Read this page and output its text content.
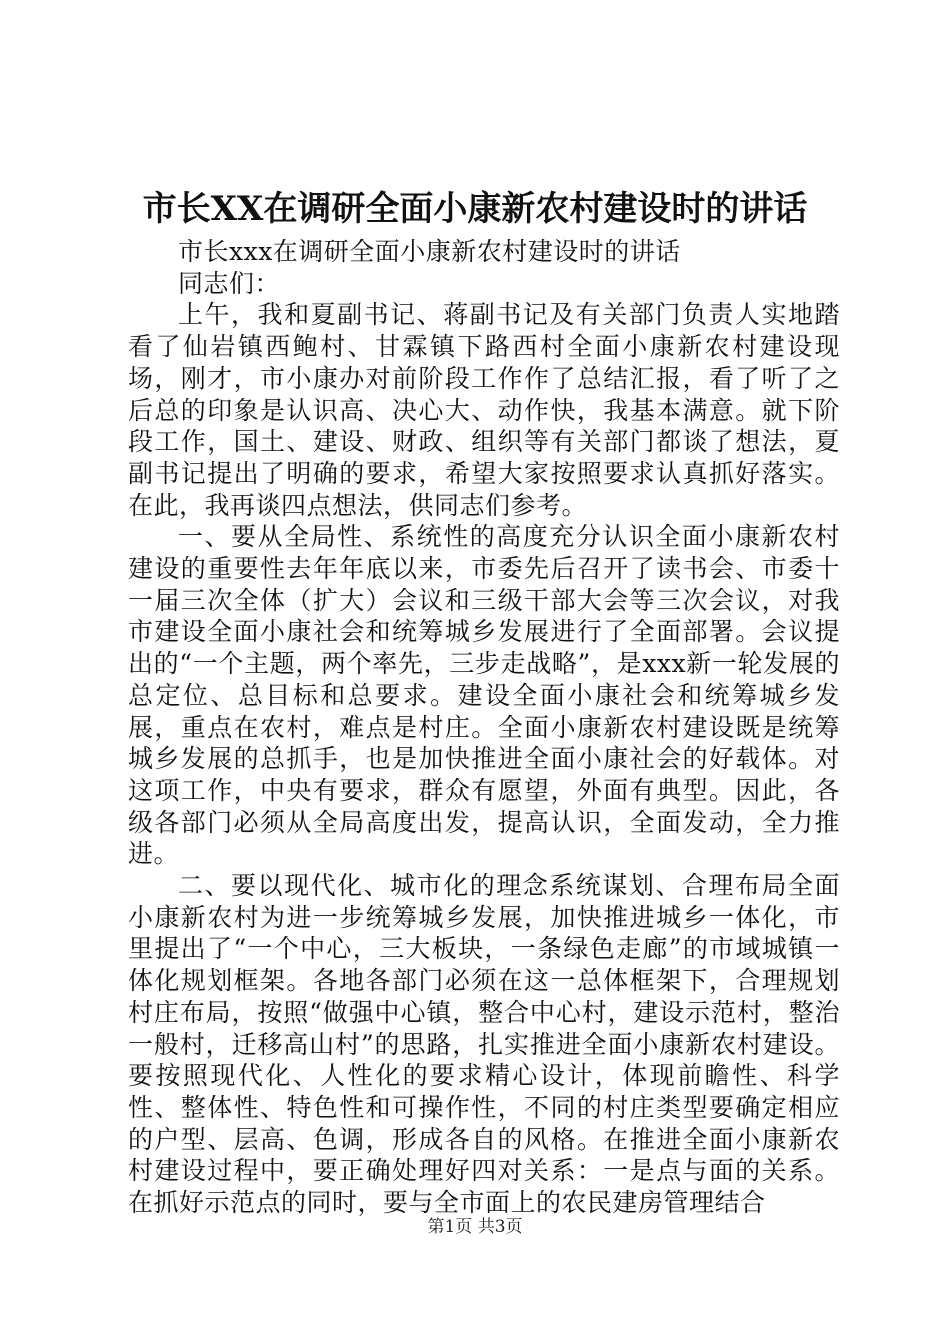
市长XX在调研全面小康新农村建设时的讲话

市长xxx在调研全面小康新农村建设时的讲话

同志们：

上午，我和夏副书记、蒋副书记及有关部门负责人实地踏看了仙岩镇西鲍村、甘霖镇下路西村全面小康新农村建设现场，刚才，市小康办对前阶段工作作了总结汇报，看了听了之后总的印象是认识高、决心大、动作快，我基本满意。就下阶段工作，国土、建设、财政、组织等有关部门都谈了想法，夏副书记提出了明确的要求，希望大家按照要求认真抓好落实。在此，我再谈四点想法，供同志们参考。

一、要从全局性、系统性的高度充分认识全面小康新农村建设的重要性去年年底以来，市委先后召开了读书会、市委十一届三次全体（扩大）会议和三级干部大会等三次会议，对我市建设全面小康社会和统筹城乡发展进行了全面部署。会议提出的“一个主题，两个率先，三步走战略”，是xxx新一轮发展的总定位、总目标和总要求。建设全面小康社会和统筹城乡发展，重点在农村，难点是村庄。全面小康新农村建设既是统筹城乡发展的总抓手，也是加快推进全面小康社会的好载体。对这项工作，中央有要求，群众有愿望，外面有典型。因此，各级各部门必须从全局高度出发，提高认识，全面发动，全力推进。

二、要以现代化、城市化的理念系统谋划、合理布局全面小康新农村为进一步统筹城乡发展，加快推进城乡一体化，市里提出了“一个中心，三大板块，一条绿色走廊”的市域城镇一体化规划框架。各地各部门必须在这一总体框架下，合理规划村庄布局，按照“做强中心镇，整合中心村，建设示范村，整治一般村，迁移高山村”的思路，扎实推进全面小康新农村建设。要按照现代化、人性化的要求精心设计，体现前瞻性、科学性、整体性、特色性和可操作性，不同的村庄类型要确定相应的户型、层高、色调，形成各自的风格。在推进全面小康新农村建设过程中，要正确处理好四对关系：一是点与面的关系。在抓好示范点的同时，要与全市面上的农民建房管理结合

第1页 共3页
